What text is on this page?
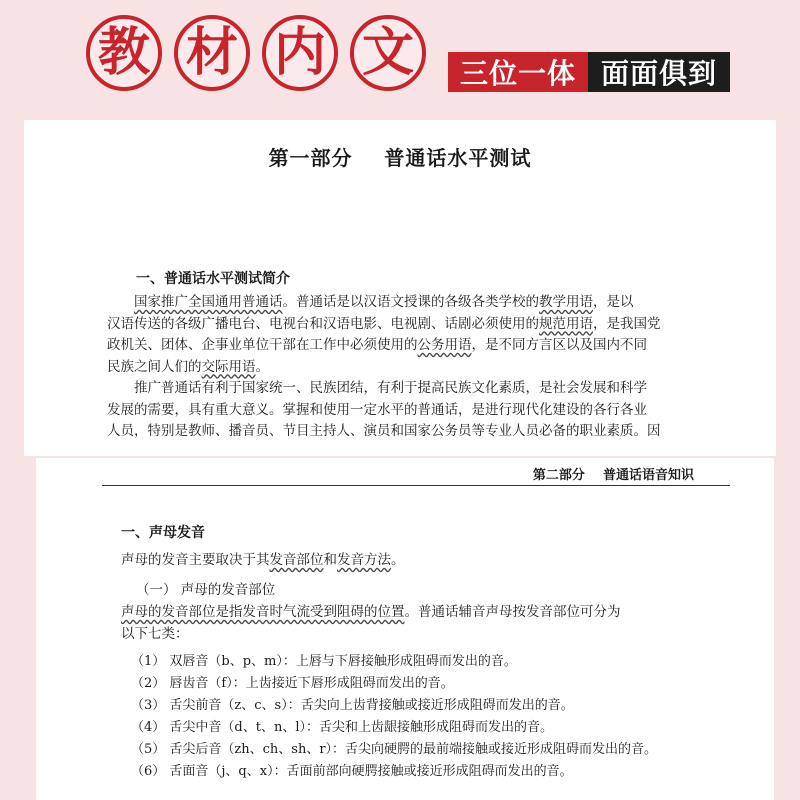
教 材 内 文	三位一体 面面俱到
第一部分    普通话水平测试
一、普通话水平测试简介
国家推广全国通用普通话。普通话是以汉语文授课的各级各类学校的教学用语，是以
汉语传送的各级广播电台、电视台和汉语电影、电视剧、话剧必须使用的规范用语，是我国党
政机关、团体、企事业单位干部在工作中必须使用的公务用语，是不同方言区以及国内不同
民族之间人们的交际用语。
推广普通话有利于国家统一、民族团结，有利于提高民族文化素质，是社会发展和科学
发展的需要，具有重大意义。掌握和使用一定水平的普通话，是进行现代化建设的各行各业
人员，特别是教师、播音员、节目主持人、演员和国家公务员等专业人员必备的职业素质。因
第二部分    普通话语音知识
一、声母发音
声母的发音主要取决于其发音部位和发音方法。
（一） 声母的发音部位
声母的发音部位是指发音时气流受到阻碍的位置。普通话辅音声母按发音部位可分为
以下七类：
（1） 双唇音（b、p、m）：上唇与下唇接触形成阻碍而发出的音。
（2） 唇齿音（f）：上齿接近下唇形成阻碍而发出的音。
（3） 舌尖前音（z、c、s）：舌尖向上齿背接触或接近形成阻碍而发出的音。
（4） 舌尖中音（d、t、n、l）：舌尖和上齿龈接触形成阻碍而发出的音。
（5） 舌尖后音（zh、ch、sh、r）：舌尖向硬腭的最前端接触或接近形成阻碍而发出的音。
（6） 舌面音（j、q、x）：舌面前部向硬腭接触或接近形成阻碍而发出的音。
